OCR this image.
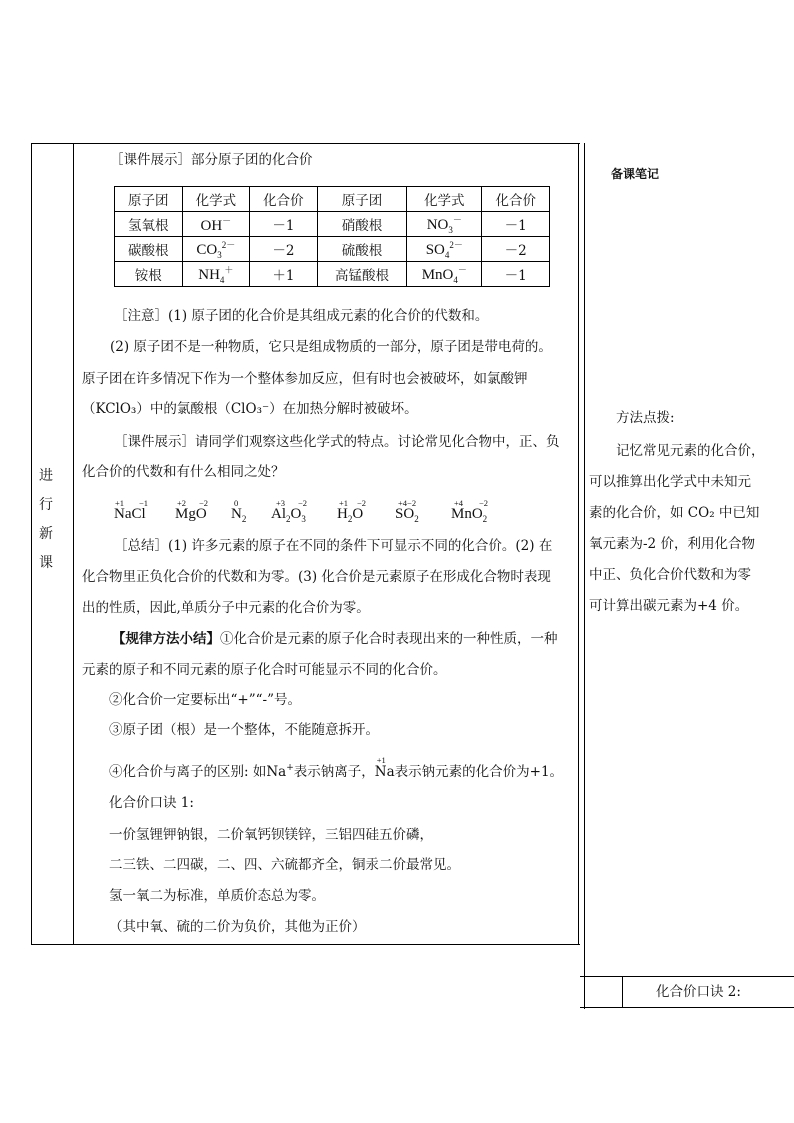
进
行
新
课
［课件展示］部分原子团的化合价
原子团	化学式	化合价	原子团	化学式	化合价
氢氧根	OH－	－1	硝酸根	$NO_3^-$	－1
碳酸根	$CO_3^{2-}$	－2	硫酸根	$SO_4^{2-}$	－2
铵根	$NH_4^+$	＋1	高锰酸根	MnO$_4$－	－1
［注意］(1) 原子团的化合价是其组成元素的化合价的代数和。
(2) 原子团不是一种物质，它只是组成物质的一部分，原子团是带电荷的。
原子团在许多情况下作为一个整体参加反应，但有时也会被破坏，如氯酸钾
（KClO₃）中的氯酸根（ClO₃⁻）在加热分解时被破坏。
［课件展示］请同学们观察这些化学式的特点。讨论常见化合物中，正、负
化合价的代数和有什么相同之处？
+1 −1
NaCl
+2 −2
MgO
0
$N_2$
+3 −2
$Al_2O_3$
+1 −2
$H_2O$
+4−2
$SO_2$
+4 −2
MnO$_2$
［总结］(1) 许多元素的原子在不同的条件下可显示不同的化合价。(2) 在
化合物里正负化合价的代数和为零。(3) 化合价是元素原子在形成化合物时表现
出的性质，因此,单质分子中元素的化合价为零。
【规律方法小结】①化合价是元素的原子化合时表现出来的一种性质，一种
元素的原子和不同元素的原子化合时可能显示不同的化合价。
②化合价一定要标出“+”“-”号。
③原子团（根）是一个整体，不能随意拆开。
④化合价与离子的区别: 如Na+表示钠离子，
+1
Na表示钠元素的化合价为+1。
化合价口诀 1:
一价氢锂钾钠银，二价氧钙钡镁锌，三铝四硅五价磷，
二三铁、二四碳，二、四、六硫都齐全，铜汞二价最常见。
氢一氧二为标准，单质价态总为零。
（其中氧、硫的二价为负价，其他为正价）
备课笔记
方法点拨:
记忆常见元素的化合价，
可以推算出化学式中未知元
素的化合价，如 CO₂ 中已知
氧元素为-2 价，利用化合物
中正、负化合价代数和为零
可计算出碳元素为+4 价。
化合价口诀 2:
